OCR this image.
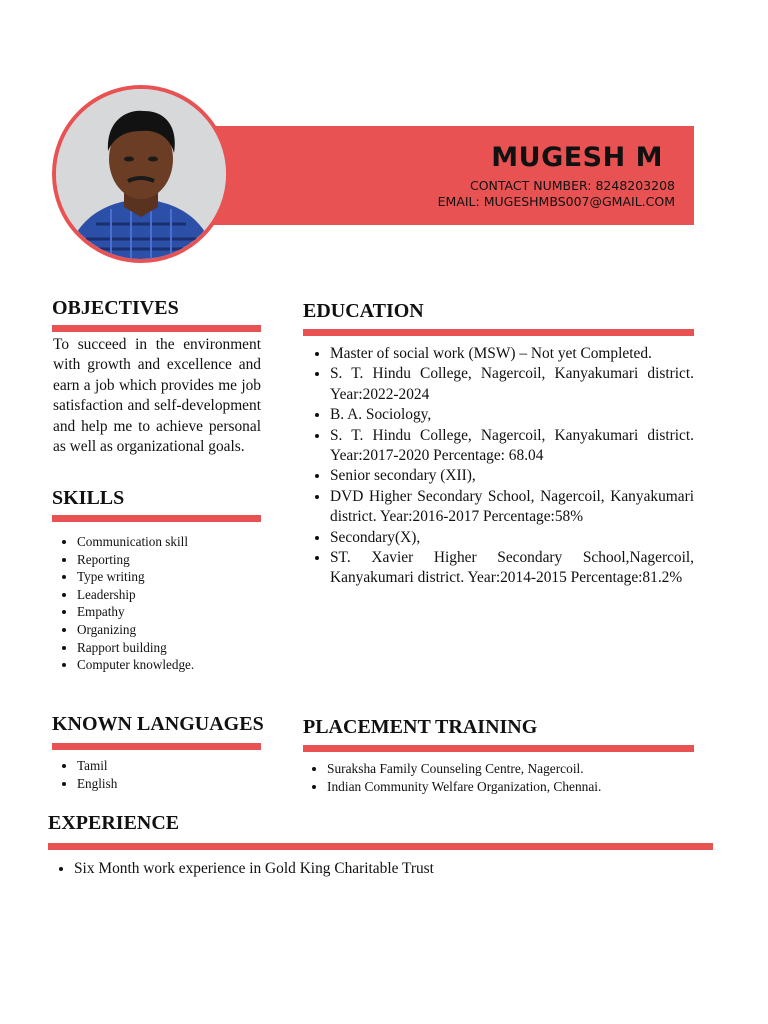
MUGESH M
CONTACT NUMBER: 8248203208
EMAIL: MUGESHMBS007@GMAIL.COM
OBJECTIVES
To succeed in the environment with growth and excellence and earn a job which provides me job satisfaction and self-development and help me to achieve personal as well as organizational goals.
SKILLS
• Communication skill
• Reporting
• Type writing
• Leadership
• Empathy
• Organizing
• Rapport building
• Computer knowledge.
EDUCATION
• Master of social work (MSW) – Not yet Completed.
• S. T. Hindu College, Nagercoil, Kanyakumari district. Year:2022-2024
• B. A. Sociology,
• S. T. Hindu College, Nagercoil, Kanyakumari district. Year:2017-2020 Percentage: 68.04
• Senior secondary (XII),
• DVD Higher Secondary School, Nagercoil, Kanyakumari district. Year:2016-2017 Percentage:58%
• Secondary(X),
• ST. Xavier Higher Secondary School,Nagercoil, Kanyakumari district. Year:2014-2015 Percentage:81.2%
KNOWN LANGUAGES
• Tamil
• English
PLACEMENT TRAINING
• Suraksha Family Counseling Centre, Nagercoil.
• Indian Community Welfare Organization, Chennai.
EXPERIENCE
• Six Month work experience in Gold King Charitable Trust
